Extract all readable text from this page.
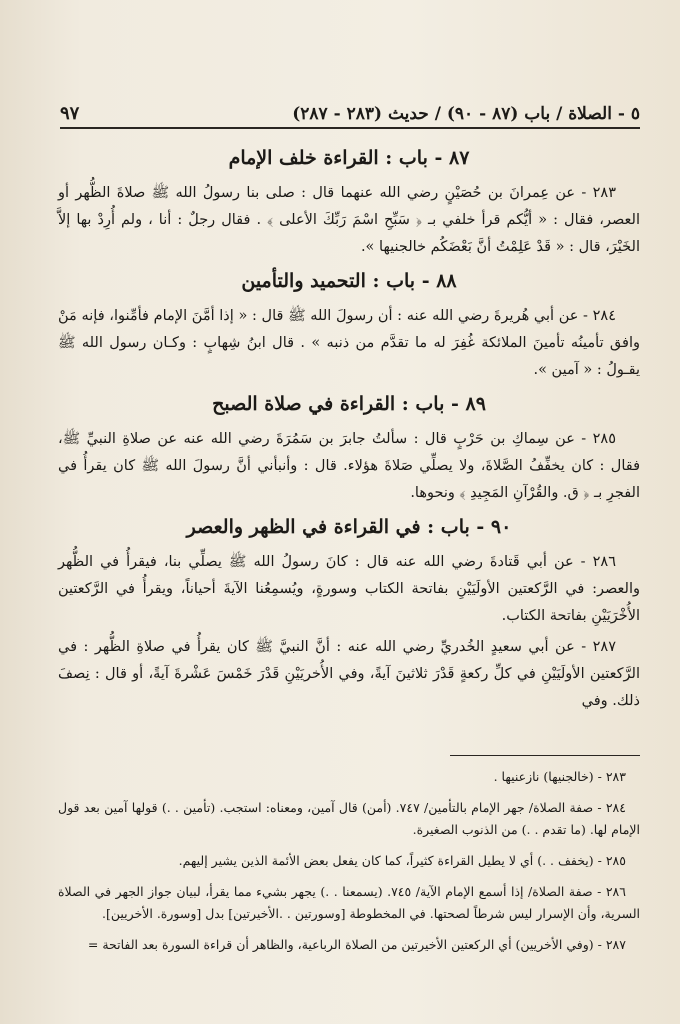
٥ - الصلاة / باب (٨٧ - ٩٠) / حديث (٢٨٣ - ٢٨٧)
٩٧
٨٧ - باب : القراءة خلف الإمام

٢٨٣ - عن عِمرانَ بن حُصَيْنٍ رضي الله عنهما قال : صلى بنا رسولُ الله ﷺ صلاةَ الظُّهر أو العصر، فقال : « أيُّكم قرأ خلفي بـ ﴿ سَبِّحِ اسْمَ رَبِّكَ الأعلى ﴾ . فقال رجلٌ : أنا ، ولم أُرِدْ بها إلاَّ الخَيْرَ، قال : « قَدْ عَلِمْتُ أنَّ بَعْضَكُم خالجنيها ».

٨٨ - باب : التحميد والتأمين

٢٨٤ - عن أبي هُريرةَ رضي الله عنه : أن رسولَ الله ﷺ قال : « إذا أمَّنَ الإمام فأمِّنوا، فإنه مَنْ وافق تأمينُه تأمينَ الملائكة غُفِرَ له ما تقدَّم من ذنبه » . قال ابنُ شِهابٍ : وكـان رسول الله ﷺ يقـولُ : « آمين ».

٨٩ - باب : القراءة في صلاة الصبح

٢٨٥ - عن سِماكِ بن حَرْبٍ قال : سألتُ جابرَ بن سَمُرَةَ رضي الله عنه عن صلاةِ النبيِّ ﷺ، فقال : كان يخفِّفُ الصَّلاةَ، ولا يصلِّي صَلاةَ هؤلاء. قال : وأنبأني أنَّ رسولَ الله ﷺ كان يقرأُ في الفجرِ بـ ﴿ ق. والقُرْآنِ المَجِيدِ ﴾ ونحوها.

٩٠ - باب : في القراءة في الظهر والعصر

٢٨٦ - عن أبي قَتادةَ رضي الله عنه قال : كانَ رسولُ الله ﷺ يصلِّي بنا، فيقرأُ في الظُّهر والعصر: في الرَّكعتين الأولَيَيْنِ بفاتحة الكتاب وسورةٍ، ويُسمِعُنا الآيةَ أحياناً، ويقرأُ في الرَّكعتين الأُخْرَيَيْنِ بفاتحة الكتاب.

٢٨٧ - عن أبي سعيدٍ الخُدريِّ رضي الله عنه : أنَّ النبيَّ ﷺ كان يقرأُ في صلاةِ الظُّهر : في الرَّكعتين الأولَيَيْنِ في كلِّ ركعةٍ قَدْرَ ثلاثينَ آيةً، وفي الأُخريَيْنِ قَدْرَ خَمْسَ عَشْرةَ آيةً، أو قال : نِصفَ ذلك. وفي

٢٨٣ - (خالجنيها) نازعنيها .

٢٨٤ - صفة الصلاة/ جهر الإمام بالتأمين/ ٧٤٧. (أمن) قال آمين، ومعناه: استجب. (تأمين . .) قولها آمين بعد قول الإمام لها. (ما تقدم . .) من الذنوب الصغيرة.

٢٨٥ - (يخفف . .) أي لا يطيل القراءة كثيراً، كما كان يفعل بعض الأئمة الذين يشير إليهم.

٢٨٦ - صفة الصلاة/ إذا أسمع الإمام الآية/ ٧٤٥. (يسمعنا . .) يجهر بشيء مما يقرأ، لبيان جواز الجهر في الصلاة السرية، وأن الإسرار ليس شرطاً لصحتها. في المخطوطة [وسورتين . .الأخيرتين] بدل [وسورة. الأخريين].

٢٨٧ - (وفي الأخريين) أي الركعتين الأخيرتين من الصلاة الرباعية، والظاهر أن قراءة السورة بعد الفاتحة =
